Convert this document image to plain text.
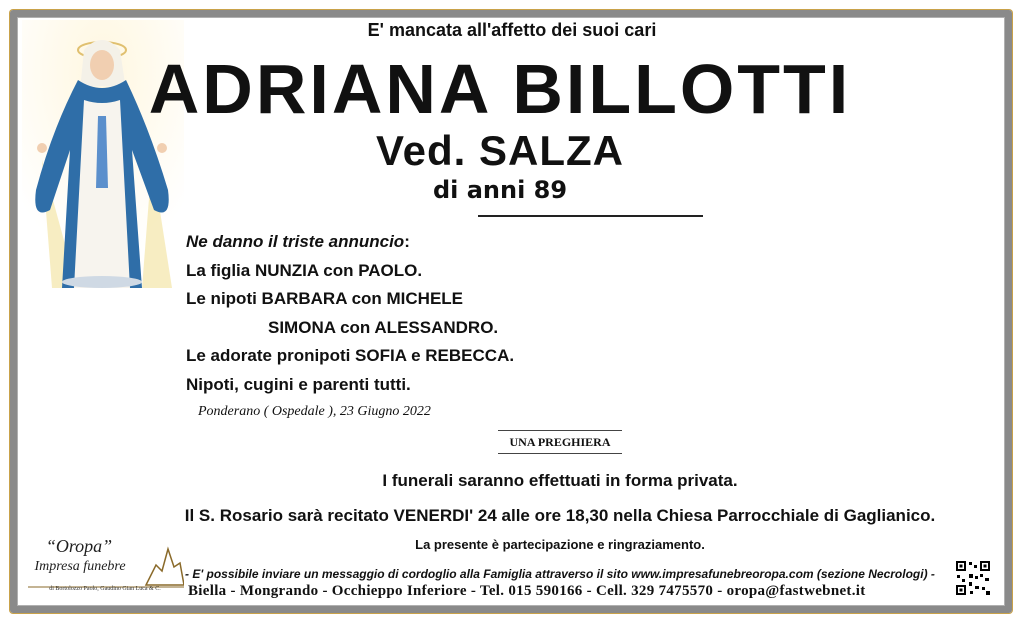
E' mancata all'affetto dei suoi cari
ADRIANA BILLOTTI
Ved. SALZA
di anni 89
Ne danno il triste annuncio:
La figlia NUNZIA con PAOLO.
Le nipoti BARBARA con MICHELE
SIMONA con ALESSANDRO.
Le adorate pronipoti SOFIA e REBECCA.
Nipoti, cugini e parenti tutti.
Ponderano ( Ospedale ), 23 Giugno 2022
UNA PREGHIERA
I funerali saranno effettuati in forma privata.
Il S. Rosario sarà recitato VENERDI' 24 alle ore 18,30 nella Chiesa Parrocchiale di Gaglianico.
La presente è partecipazione e ringraziamento.
“Oropa”
Impresa funebre
di Bortolozzo Paolo, Gaudino Gian Luca & C.
- E' possibile inviare un messaggio di cordoglio alla Famiglia attraverso il sito www.impresafunebreoropa.com (sezione Necrologi) -
Biella - Mongrando - Occhieppo Inferiore - Tel. 015 590166 - Cell. 329 7475570 - oropa@fastwebnet.it
